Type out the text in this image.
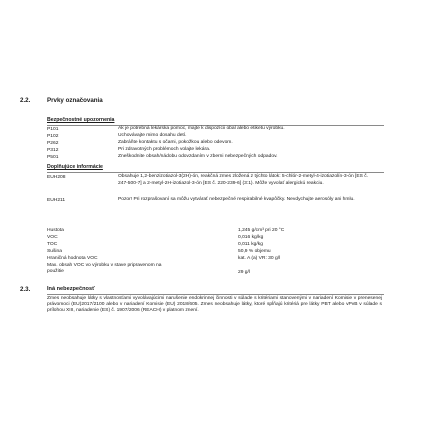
2.2.	Prvky označovania
Bezpečnostné upozornenia
P101	Ak je potrebná lekárska pomoc, majte k dispozícii obal alebo etiketu výrobku.
P102	Uchovávajte mimo dosahu detí.
P262	Zabráňte kontaktu s očami, pokožkou alebo odevom.
P312	Pri zdravotných problémoch volajte lekára.
P501	Zneškodnite obsah/nádobu odovzdaním v zberni nebezpečných odpadov.
Doplňujúce informácie
EUH208	Obsahuje 1,2-benzizotiazol-3(2H)-ón, reakčná zmes zložená z týchto látok: 5-chlór-2-metyl-4-izotiazolín-3-ón [ES č. 247-500-7] a 2-metyl-2H-izotiazol-3-ón [ES č. 220-239-6] (3:1). Môže vyvolať alergickú reakciu.
EUH211	Pozor! Pri rozprašovaní sa môžu vytvárať nebezpečné respirabilné kvapôčky. Nevdychujte aerosóly ani hmlu.
Hustota	1,245 g/cm³ pri 20 °C
VOC	0,016 kg/kg
TOC	0,011 kg/kg
Sušina	50,9 % objemu
Hraničná hodnota VOC	kat. A (a) VR: 30 g/l
Max. obsah VOC vo výrobku v stave pripravenom na použitie	29 g/l
2.3.	Iná nebezpečnosť
Zmes neobsahuje látky s vlastnosťami vyvolávajúcimi narušenie endokrinnej činnosti v súlade s kritériami stanovenými v nariadení Komisie v prenesenej právomoci (EU)2017/2100 alebo v nariadení Komisie (EU) 2018/605. Zmes neobsahuje látky, ktoré spĺňajú kritériá pre látky PBT alebo vPvB v súlade s prílohou XIII, nariadenie (ES) č. 1907/2006 (REACH) v platnom znení.
